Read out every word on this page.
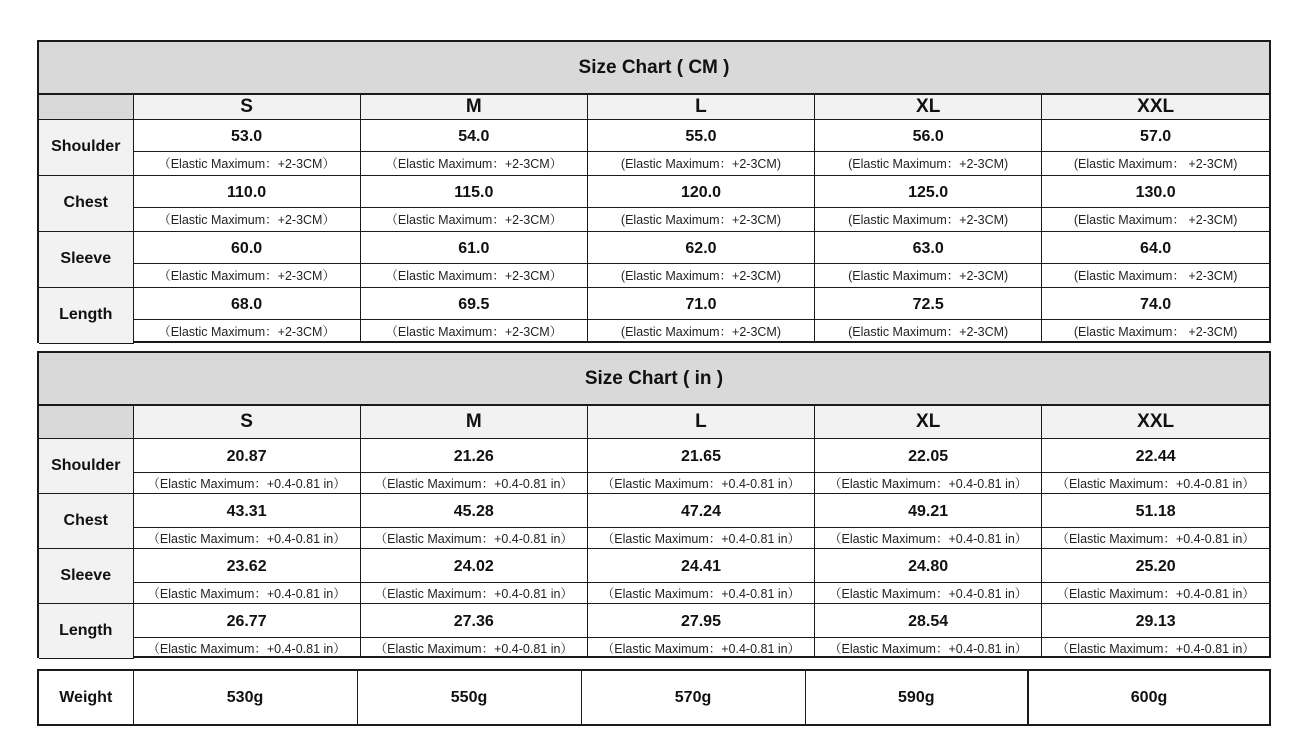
Size Chart ( CM )					
	S	M	L	XL	XXL
Shoulder	53.0	54.0	55.0	56.0	57.0
	（Elastic Maximum：+2-3CM）	（Elastic Maximum：+2-3CM）	(Elastic Maximum：+2-3CM)	(Elastic Maximum：+2-3CM)	(Elastic Maximum： +2-3CM)
Chest	110.0	115.0	120.0	125.0	130.0
	（Elastic Maximum：+2-3CM）	（Elastic Maximum：+2-3CM）	(Elastic Maximum：+2-3CM)	(Elastic Maximum：+2-3CM)	(Elastic Maximum： +2-3CM)
Sleeve	60.0	61.0	62.0	63.0	64.0
	（Elastic Maximum：+2-3CM）	（Elastic Maximum：+2-3CM）	(Elastic Maximum：+2-3CM)	(Elastic Maximum：+2-3CM)	(Elastic Maximum： +2-3CM)
Length	68.0	69.5	71.0	72.5	74.0
	（Elastic Maximum：+2-3CM）	（Elastic Maximum：+2-3CM）	(Elastic Maximum：+2-3CM)	(Elastic Maximum：+2-3CM)	(Elastic Maximum： +2-3CM)
Size Chart ( in )					
	S	M	L	XL	XXL
Shoulder	20.87	21.26	21.65	22.05	22.44
	（Elastic Maximum：+0.4-0.81 in）	（Elastic Maximum：+0.4-0.81 in）	（Elastic Maximum：+0.4-0.81 in）	（Elastic Maximum：+0.4-0.81 in）	（Elastic Maximum：+0.4-0.81 in）
Chest	43.31	45.28	47.24	49.21	51.18
	（Elastic Maximum：+0.4-0.81 in）	（Elastic Maximum：+0.4-0.81 in）	（Elastic Maximum：+0.4-0.81 in）	（Elastic Maximum：+0.4-0.81 in）	（Elastic Maximum：+0.4-0.81 in）
Sleeve	23.62	24.02	24.41	24.80	25.20
	（Elastic Maximum：+0.4-0.81 in）	（Elastic Maximum：+0.4-0.81 in）	（Elastic Maximum：+0.4-0.81 in）	（Elastic Maximum：+0.4-0.81 in）	（Elastic Maximum：+0.4-0.81 in）
Length	26.77	27.36	27.95	28.54	29.13
	（Elastic Maximum：+0.4-0.81 in）	（Elastic Maximum：+0.4-0.81 in）	（Elastic Maximum：+0.4-0.81 in）	（Elastic Maximum：+0.4-0.81 in）	（Elastic Maximum：+0.4-0.81 in）
Weight	530g	550g	570g	590g	600g
